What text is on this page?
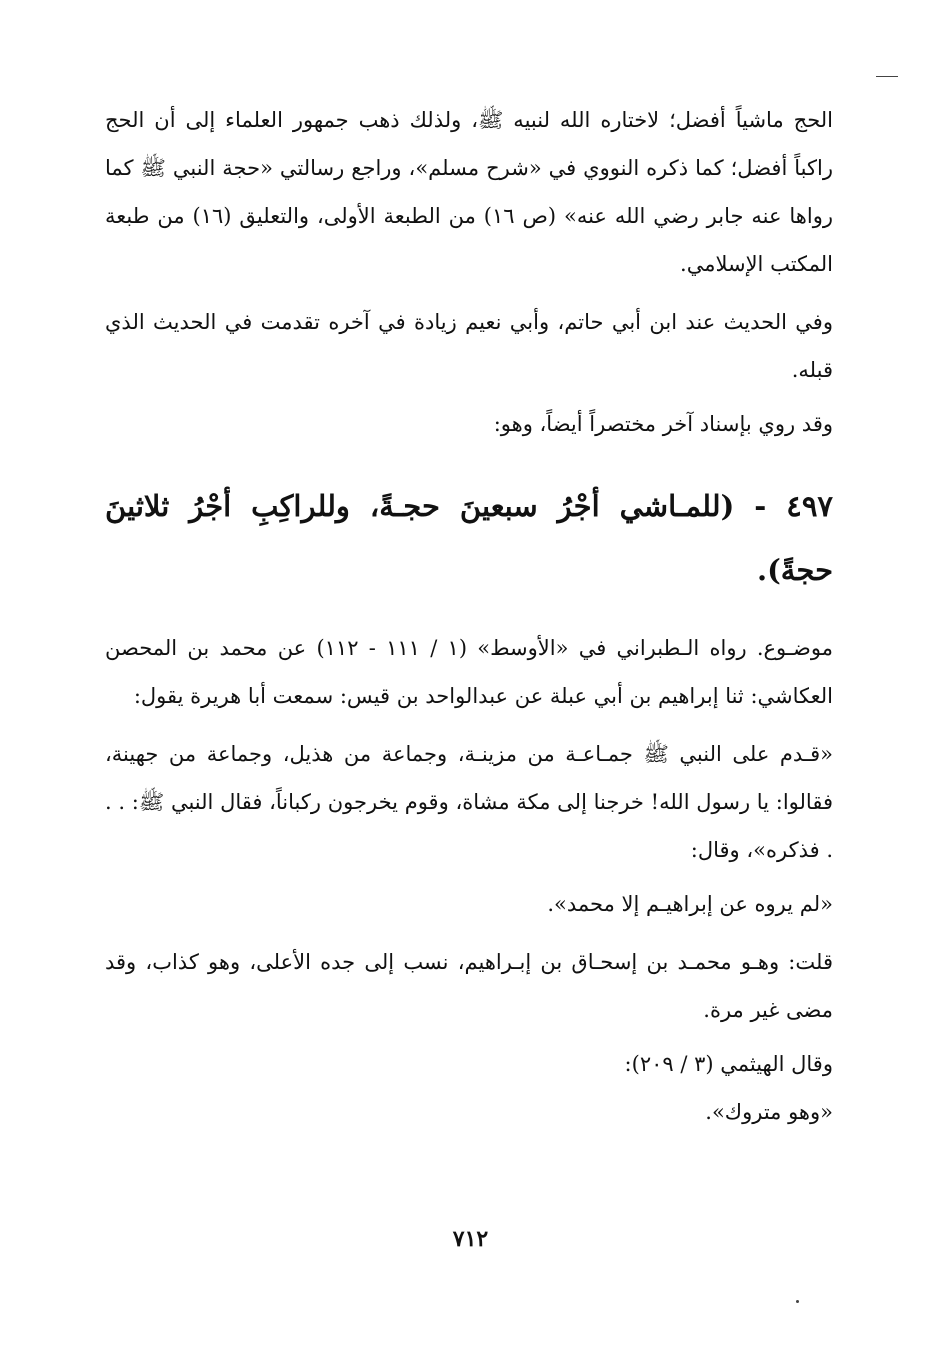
الحج ماشياً أفضل؛ لاختاره الله لنبيه ﷺ، ولذلك ذهب جمهور العلماء إلى أن الحج راكباً أفضل؛ كما ذكره النووي في «شرح مسلم»، وراجع رسالتي «حجة النبي ﷺ كما رواها عنه جابر رضي الله عنه» (ص ١٦) من الطبعة الأولى، والتعليق (١٦) من طبعة المكتب الإسلامي.

وفي الحديث عند ابن أبي حاتم، وأبي نعيم زيادة في آخره تقدمت في الحديث الذي قبله.

وقد روي بإسناد آخر مختصراً أيضاً، وهو:

٤٩٧ - (للمـاشي أجْرُ سبعينَ حجـةً، وللراكِبِ أجْرُ ثلاثينَ حجةً).

موضـوع. رواه الـطبراني في «الأوسط» (١ / ١١١ - ١١٢) عن محمد بن المحصن العكاشي: ثنا إبراهيم بن أبي عبلة عن عبدالواحد بن قيس: سمعت أبا هريرة يقول:

«قـدم على النبي ﷺ جمـاعـة من مزينـة، وجماعة من هذيل، وجماعة من جهينة، فقالوا: يا رسول الله! خرجنا إلى مكة مشاة، وقوم يخرجون ركباناً، فقال النبي ﷺ: . . . فذكره»، وقال:

«لم يروه عن إبراهيـم إلا محمد».

قلت: وهـو محمـد بن إسحـاق بن إبـراهيم، نسب إلى جده الأعلى، وهو كذاب، وقد مضى غير مرة.

وقال الهيثمي (٣ / ٢٠٩):

«وهو متروك».

٧١٢
